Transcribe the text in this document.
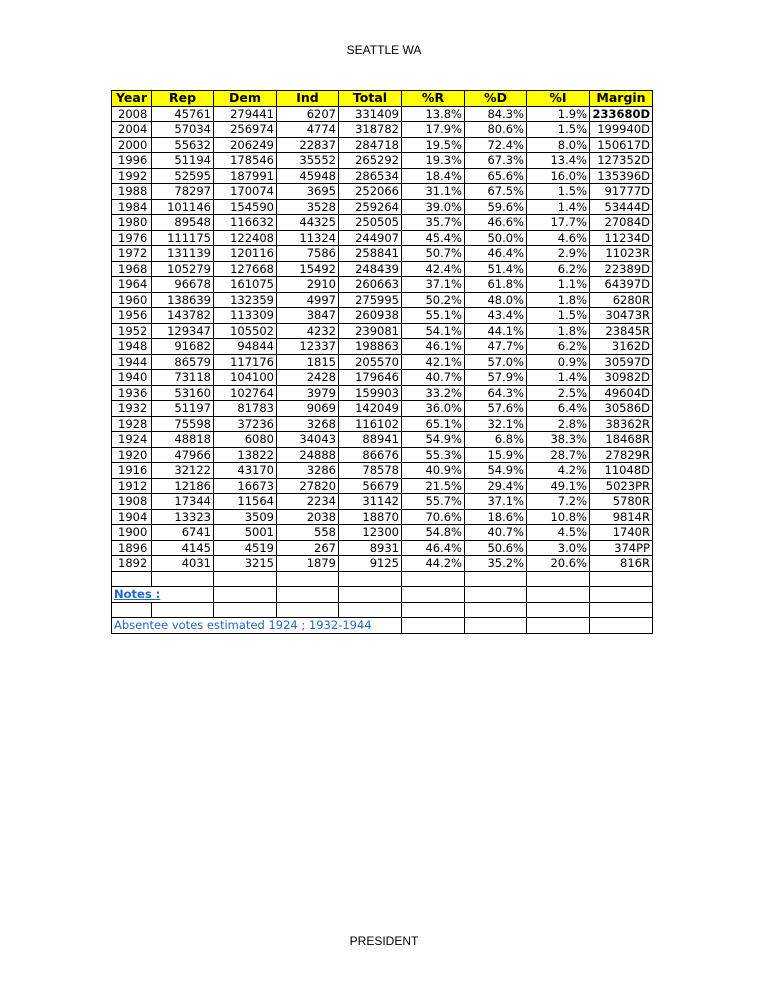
SEATTLE WA
Year	Rep	Dem	Ind	Total	%R	%D	%I	Margin
2008	45761	279441	6207	331409	13.8%	84.3%	1.9%	233680D
2004	57034	256974	4774	318782	17.9%	80.6%	1.5%	199940D
2000	55632	206249	22837	284718	19.5%	72.4%	8.0%	150617D
1996	51194	178546	35552	265292	19.3%	67.3%	13.4%	127352D
1992	52595	187991	45948	286534	18.4%	65.6%	16.0%	135396D
1988	78297	170074	3695	252066	31.1%	67.5%	1.5%	91777D
1984	101146	154590	3528	259264	39.0%	59.6%	1.4%	53444D
1980	89548	116632	44325	250505	35.7%	46.6%	17.7%	27084D
1976	111175	122408	11324	244907	45.4%	50.0%	4.6%	11234D
1972	131139	120116	7586	258841	50.7%	46.4%	2.9%	11023R
1968	105279	127668	15492	248439	42.4%	51.4%	6.2%	22389D
1964	96678	161075	2910	260663	37.1%	61.8%	1.1%	64397D
1960	138639	132359	4997	275995	50.2%	48.0%	1.8%	6280R
1956	143782	113309	3847	260938	55.1%	43.4%	1.5%	30473R
1952	129347	105502	4232	239081	54.1%	44.1%	1.8%	23845R
1948	91682	94844	12337	198863	46.1%	47.7%	6.2%	3162D
1944	86579	117176	1815	205570	42.1%	57.0%	0.9%	30597D
1940	73118	104100	2428	179646	40.7%	57.9%	1.4%	30982D
1936	53160	102764	3979	159903	33.2%	64.3%	2.5%	49604D
1932	51197	81783	9069	142049	36.0%	57.6%	6.4%	30586D
1928	75598	37236	3268	116102	65.1%	32.1%	2.8%	38362R
1924	48818	6080	34043	88941	54.9%	6.8%	38.3%	18468R
1920	47966	13822	24888	86676	55.3%	15.9%	28.7%	27829R
1916	32122	43170	3286	78578	40.9%	54.9%	4.2%	11048D
1912	12186	16673	27820	56679	21.5%	29.4%	49.1%	5023PR
1908	17344	11564	2234	31142	55.7%	37.1%	7.2%	5780R
1904	13323	3509	2038	18870	70.6%	18.6%	10.8%	9814R
1900	6741	5001	558	12300	54.8%	40.7%	4.5%	1740R
1896	4145	4519	267	8931	46.4%	50.6%	3.0%	374PP
1892	4031	3215	1879	9125	44.2%	35.2%	20.6%	816R

Notes :								

Absentee votes estimated 1924 ; 1932-1944								
PRESIDENT
